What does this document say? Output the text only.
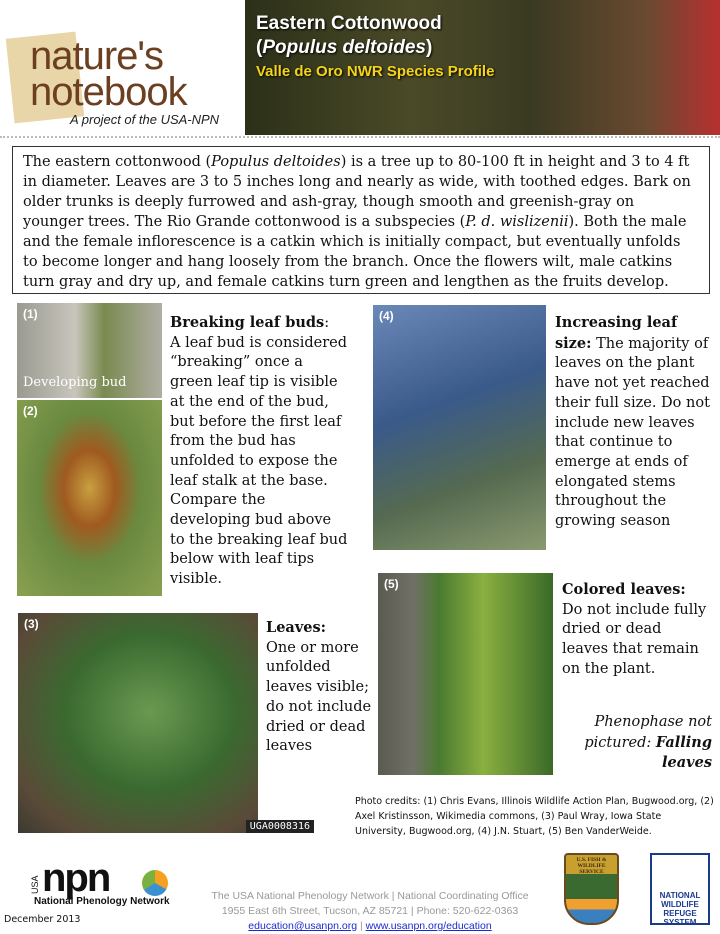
nature's
notebook
A project of the USA-NPN
Eastern Cottonwood
(Populus deltoides)
Valle de Oro NWR Species Profile
The eastern cottonwood (Populus deltoides) is a tree up to 80-100 ft in height and 3 to 4 ft in diameter. Leaves are 3 to 5 inches long and nearly as wide, with toothed edges. Bark on older trunks is deeply furrowed and ash-gray, though smooth and greenish-gray on younger trees. The Rio Grande cottonwood is a subspecies (P. d. wislizenii). Both the male and the female inflorescence is a catkin which is initially compact, but eventually unfolds to become longer and hang loosely from the branch. Once the flowers wilt, male catkins turn gray and dry up, and female catkins turn green and lengthen as the fruits develop.
(1)
Developing bud
(2)
Breaking leaf buds:
A leaf bud is considered “breaking” once a green leaf tip is visible at the end of the bud, but before the first leaf from the bud has unfolded to expose the leaf stalk at the base. Compare the developing bud above to the breaking leaf bud below with leaf tips visible.
(4)	Increasing leaf size: The majority of leaves on the plant have not yet reached their full size. Do not include new leaves that continue to emerge at ends of elongated stems throughout the growing season
(5)	Colored leaves:
Do not include fully dried or dead leaves that remain on the plant.
Phenophase not pictured: Falling leaves
(3)
UGA0008316
Leaves:
One or more unfolded leaves visible; do not include dried or dead leaves
Photo credits: (1) Chris Evans, Illinois Wildlife Action Plan, Bugwood.org, (2) Axel Kristinsson, Wikimedia commons, (3) Paul Wray, Iowa State University, Bugwood.org, (4) J.N. Stuart, (5) Ben VanderWeide.
USA npn
National Phenology Network
December 2013
The USA National Phenology Network | National Coordinating Office
1955 East 6th Street, Tucson, AZ 85721 | Phone: 520-622-0363
education@usanpn.org | www.usanpn.org/education
U.S. FISH & WILDLIFE SERVICE
NATIONAL WILDLIFE REFUGE SYSTEM
